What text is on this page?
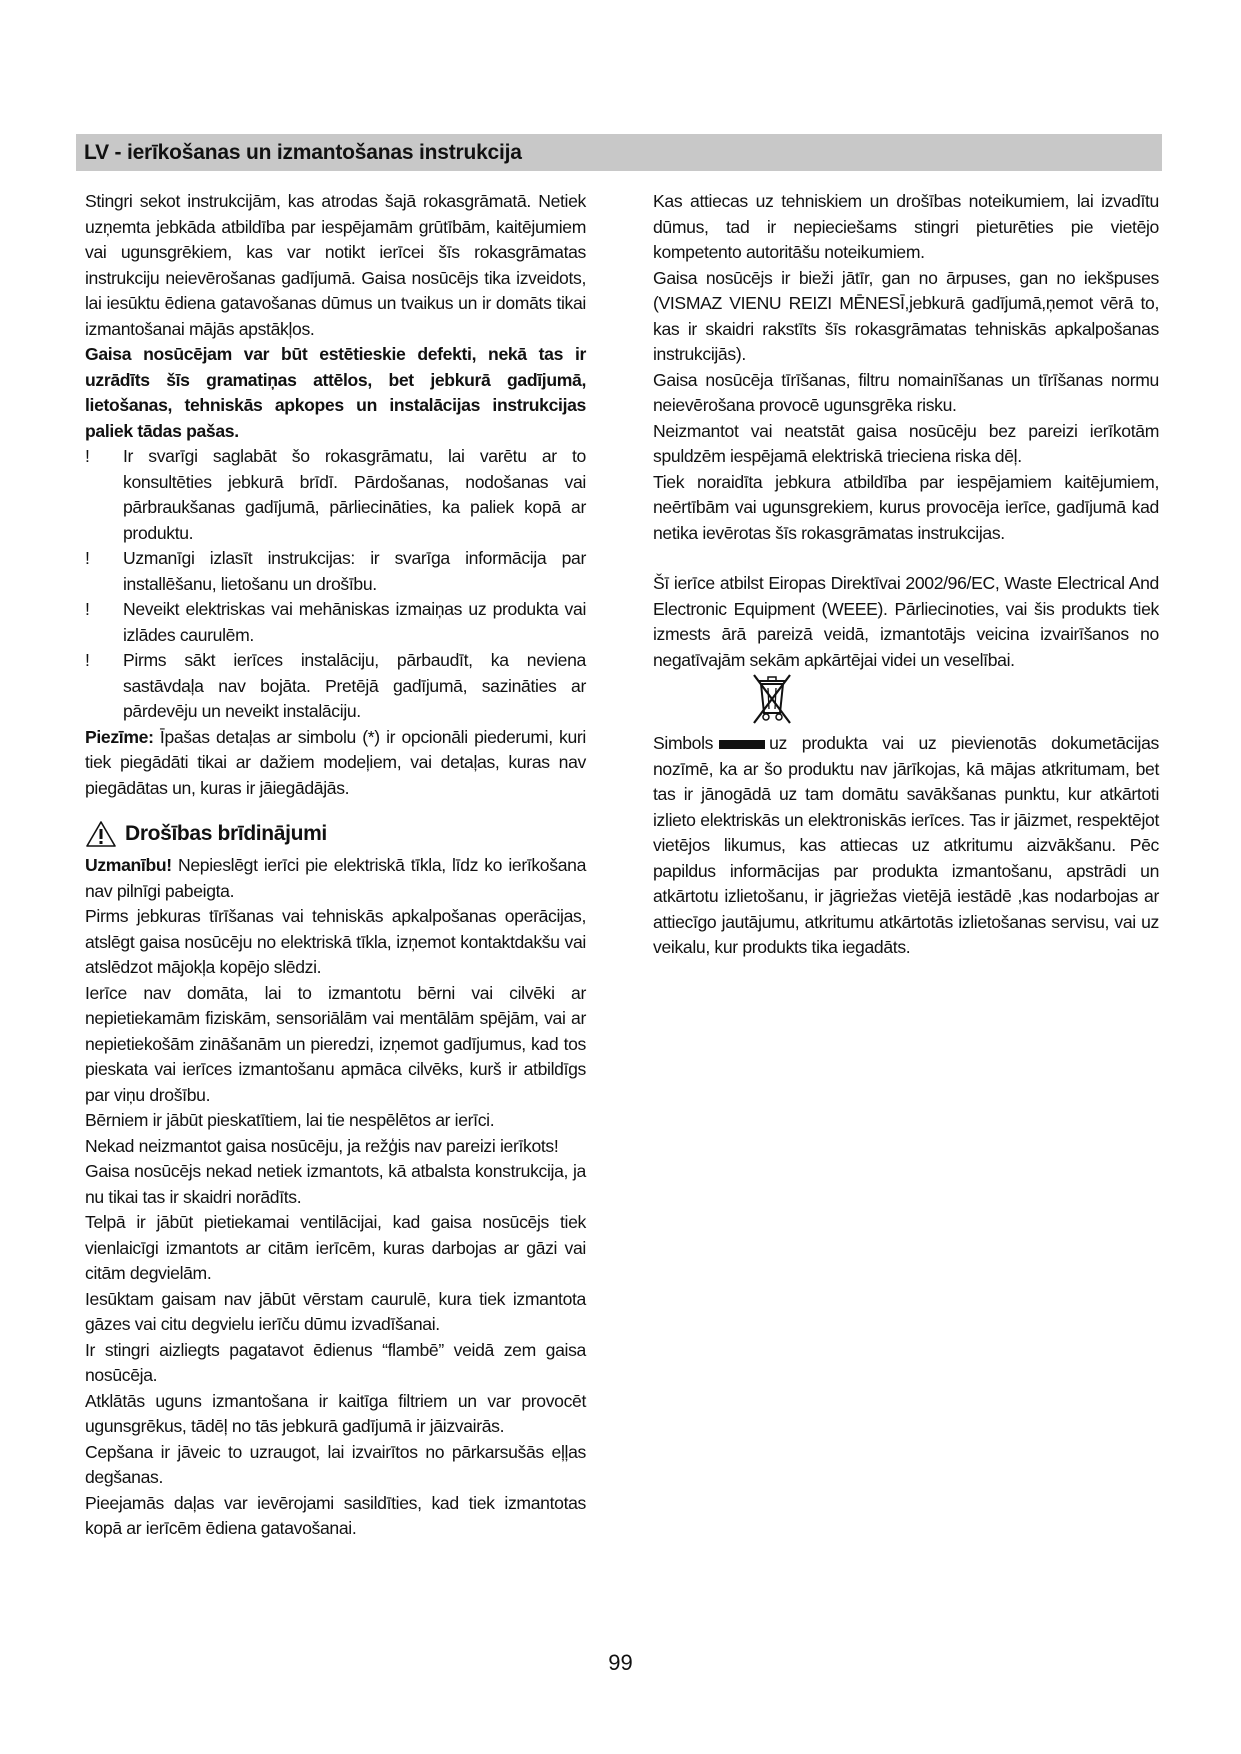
LV - ierīkošanas un izmantošanas instrukcija

Stingri sekot instrukcijām, kas atrodas šajā rokasgrāmatā. Netiek uzņemta jebkāda atbildība par iespējamām grūtībām, kaitējumiem vai ugunsgrēkiem, kas var notikt ierīcei šīs rokasgrāmatas instrukciju neievērošanas gadījumā. Gaisa nosūcējs tika izveidots, lai iesūktu ēdiena gatavošanas dūmus un tvaikus un ir domāts tikai izmantošanai mājās apstākļos.

Gaisa nosūcējam var būt estētieskie defekti, nekā tas ir uzrādīts šīs gramatiņas attēlos, bet jebkurā gadījumā, lietošanas, tehniskās apkopes un instalācijas instrukcijas paliek tādas pašas.

! Ir svarīgi saglabāt šo rokasgrāmatu, lai varētu ar to konsultēties jebkurā brīdī. Pārdošanas, nodošanas vai pārbraukšanas gadījumā, pārliecināties, ka paliek kopā ar produktu.
! Uzmanīgi izlasīt instrukcijas: ir svarīga informācija par installēšanu, lietošanu un drošību.
! Neveikt elektriskas vai mehāniskas izmaiņas uz produkta vai izlādes caurulēm.
! Pirms sākt ierīces instalāciju, pārbaudīt, ka neviena sastāvdaļa nav bojāta. Pretējā gadījumā, sazināties ar pārdevēju un neveikt instalāciju.

Piezīme: Īpašas detaļas ar simbolu (*) ir opcionāli piederumi, kuri tiek piegādāti tikai ar dažiem modeļiem, vai detaļas, kuras nav piegādātas un, kuras ir jāiegādājās.

Drošības brīdinājumi

Uzmanību! Nepieslēgt ierīci pie elektriskā tīkla, līdz ko ierīkošana nav pilnīgi pabeigta.

Pirms jebkuras tīrīšanas vai tehniskās apkalpošanas operācijas, atslēgt gaisa nosūcēju no elektriskā tīkla, izņemot kontaktdakšu vai atslēdzot mājokļa kopējo slēdzi.

Ierīce nav domāta, lai to izmantotu bērni vai cilvēki ar nepietiekamām fiziskām, sensoriālām vai mentālām spējām, vai ar nepietiekošām zināšanām un pieredzi, izņemot gadījumus, kad tos pieskata vai ierīces izmantošanu apmāca cilvēks, kurš ir atbildīgs par viņu drošību.

Bērniem ir jābūt pieskatītiem, lai tie nespēlētos ar ierīci.

Nekad neizmantot gaisa nosūcēju, ja režģis nav pareizi ierīkots!

Gaisa nosūcējs nekad netiek izmantots, kā atbalsta konstrukcija, ja nu tikai tas ir skaidri norādīts.

Telpā ir jābūt pietiekamai ventilācijai, kad gaisa nosūcējs tiek vienlaicīgi izmantots ar citām ierīcēm, kuras darbojas ar gāzi vai citām degvielām.

Iesūktam gaisam nav jābūt vērstam caurulē, kura tiek izmantota gāzes vai citu degvielu ierīču dūmu izvadīšanai.

Ir stingri aizliegts pagatavot ēdienus “flambē” veidā zem gaisa nosūcēja.

Atklātās uguns izmantošana ir kaitīga filtriem un var provocēt ugunsgrēkus, tādēļ no tās jebkurā gadījumā ir jāizvairās.

Cepšana ir jāveic to uzraugot, lai izvairītos no pārkarsušās eļļas degšanas.

Pieejamās daļas var ievērojami sasildīties, kad tiek izmantotas kopā ar ierīcēm ēdiena gatavošanai.

Kas attiecas uz tehniskiem un drošības noteikumiem, lai izvadītu dūmus, tad ir nepieciešams stingri pieturēties pie vietējo kompetento autoritāšu noteikumiem.

Gaisa nosūcējs ir bieži jātīr, gan no ārpuses, gan no iekšpuses (VISMAZ VIENU REIZI MĒNESĪ,jebkurā gadījumā,ņemot vērā to, kas ir skaidri rakstīts šīs rokasgrāmatas tehniskās apkalpošanas instrukcijās).

Gaisa nosūcēja tīrīšanas, filtru nomainīšanas un tīrīšanas normu neievērošana provocē ugunsgrēka risku.

Neizmantot vai neatstāt gaisa nosūcēju bez pareizi ierīkotām spuldzēm iespējamā elektriskā trieciena riska dēļ.

Tiek noraidīta jebkura atbildība par iespējamiem kaitējumiem, neērtībām vai ugunsgrekiem, kurus provocēja ierīce, gadījumā kad netika ievērotas šīs rokasgrāmatas instrukcijas.

Šī ierīce atbilst Eiropas Direktīvai 2002/96/EC, Waste Electrical And Electronic Equipment (WEEE). Pārliecinoties, vai šis produkts tiek izmests ārā pareizā veidā, izmantotājs veicina izvairīšanos no negatīvajām sekām apkārtējai videi un veselībai.

Simbols	uz produkta vai uz pievienotās dokumetācijas nozīmē, ka ar šo produktu nav jārīkojas, kā mājas atkritumam, bet tas ir jānogādā uz tam domātu savākšanas punktu, kur atkārtoti izlieto elektriskās un elektroniskās ierīces. Tas ir jāizmet, respektējot vietējos likumus, kas attiecas uz atkritumu aizvākšanu. Pēc papildus informācijas par produkta izmantošanu, apstrādi un atkārtotu izlietošanu, ir jāgriežas vietējā iestādē ,kas nodarbojas ar attiecīgo jautājumu, atkritumu atkārtotās izlietošanas servisu, vai uz veikalu, kur produkts tika iegadāts.

99
